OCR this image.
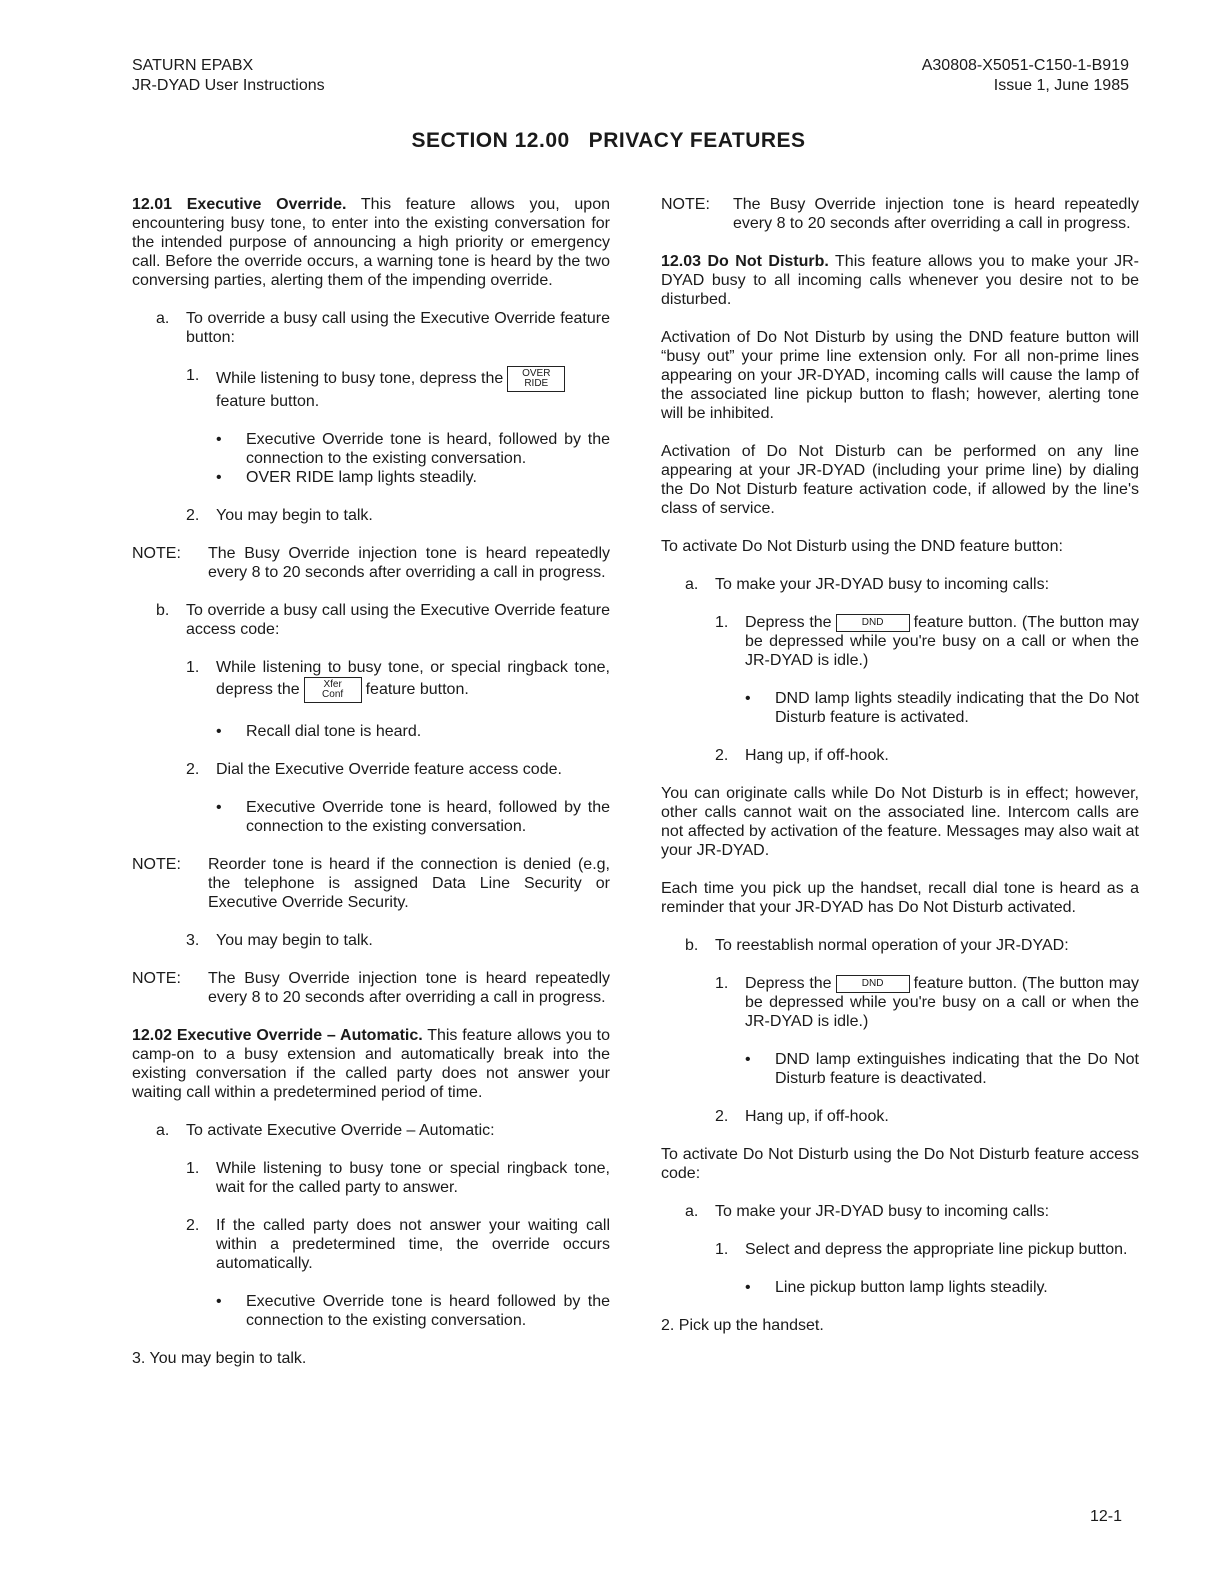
SATURN EPABX
JR-DYAD User Instructions
A30808-X5051-C150-1-B919
Issue 1, June 1985
SECTION 12.00   PRIVACY FEATURES

12.01 Executive Override. This feature allows you, upon encountering busy tone, to enter into the existing conversation for the intended purpose of announcing a high priority or emergency call. Before the override occurs, a warning tone is heard by the two conversing parties, alerting them of the impending override.

a.	To override a busy call using the Executive Override feature button:
1.	While listening to busy tone, depress the	OVER
RIDE

feature button.
•	Executive Override tone is heard, followed by the connection to the existing conversation.
•	OVER RIDE lamp lights steadily.
2.	You may begin to talk.
NOTE:	The Busy Override injection tone is heard repeatedly every 8 to 20 seconds after overriding a call in progress.
b.	To override a busy call using the Executive Override feature access code:
1.	While listening to busy tone, or special ringback tone, depress the	Xfer
Conf	feature button.
•	Recall dial tone is heard.
2.	Dial the Executive Override feature access code.
•	Executive Override tone is heard, followed by the connection to the existing conversation.
NOTE:	Reorder tone is heard if the connection is denied (e.g, the telephone is assigned Data Line Security or Executive Override Security.
3.	You may begin to talk.
NOTE:	The Busy Override injection tone is heard repeatedly every 8 to 20 seconds after overriding a call in progress.

12.02 Executive Override – Automatic. This feature allows you to camp-on to a busy extension and automatically break into the existing conversation if the called party does not answer your waiting call within a predetermined period of time.

a.	To activate Executive Override – Automatic:
1.	While listening to busy tone or special ringback tone, wait for the called party to answer.
2.	If the called party does not answer your waiting call within a predetermined time, the override occurs automatically.
•	Executive Override tone is heard followed by the connection to the existing conversation.

3. You may begin to talk.

NOTE:	The Busy Override injection tone is heard repeatedly every 8 to 20 seconds after overriding a call in progress.

12.03 Do Not Disturb. This feature allows you to make your JR-DYAD busy to all incoming calls whenever you desire not to be disturbed.

Activation of Do Not Disturb by using the DND feature button will “busy out” your prime line extension only. For all non-prime lines appearing on your JR-DYAD, incoming calls will cause the lamp of the associated line pickup button to flash; however, alerting tone will be inhibited.

Activation of Do Not Disturb can be performed on any line appearing at your JR-DYAD (including your prime line) by dialing the Do Not Disturb feature activation code, if allowed by the line's class of service.

To activate Do Not Disturb using the DND feature button:

a.	To make your JR-DYAD busy to incoming calls:
1.	Depress the	DND feature button. (The button may be depressed while you're busy on a call or when the JR-DYAD is idle.)
•	DND lamp lights steadily indicating that the Do Not Disturb feature is activated.
2.	Hang up, if off-hook.

You can originate calls while Do Not Disturb is in effect; however, other calls cannot wait on the associated line. Intercom calls are not affected by activation of the feature. Messages may also wait at your JR-DYAD.

Each time you pick up the handset, recall dial tone is heard as a reminder that your JR-DYAD has Do Not Disturb activated.

b.	To reestablish normal operation of your JR-DYAD:
1.	Depress the	DND feature button. (The button may be depressed while you're busy on a call or when the JR-DYAD is idle.)
•	DND lamp extinguishes indicating that the Do Not Disturb feature is deactivated.
2.	Hang up, if off-hook.

To activate Do Not Disturb using the Do Not Disturb feature access code:

a.	To make your JR-DYAD busy to incoming calls:
1.	Select and depress the appropriate line pickup button.
•	Line pickup button lamp lights steadily.

2. Pick up the handset.

12-1
